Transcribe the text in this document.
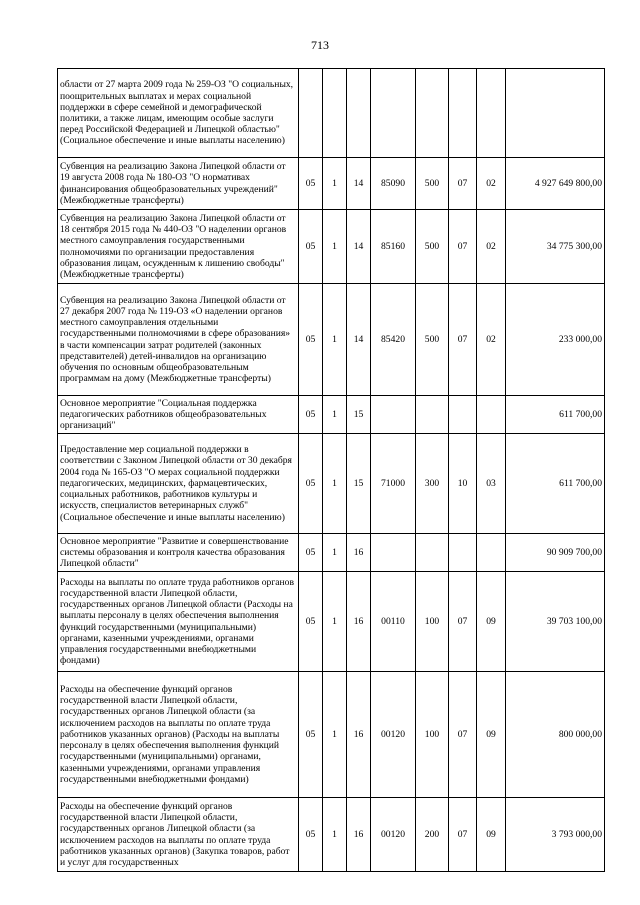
713
области от 27 марта 2009 года № 259-ОЗ "О социальных, поощрительных выплатах и мерах социальной поддержки в сфере семейной и демографической политики, а также лицам, имеющим особые заслуги перед Российской Федерацией и Липецкой областью" (Социальное обеспечение и иные выплаты населению)								
Субвенция на реализацию Закона Липецкой области от 19 августа 2008 года № 180-ОЗ "О нормативах финансирования общеобразовательных учреждений" (Межбюджетные трансферты)	05	1	14	85090	500	07	02	4 927 649 800,00
Субвенция на реализацию Закона Липецкой области от 18 сентября 2015 года № 440-ОЗ "О наделении органов местного самоуправления государственными полномочиями по организации предоставления образования лицам, осужденным к лишению свободы" (Межбюджетные трансферты)	05	1	14	85160	500	07	02	34 775 300,00
Субвенция на реализацию Закона Липецкой области от 27 декабря 2007 года № 119-ОЗ «О наделении органов местного самоуправления отдельными государственными полномочиями в сфере образования» в части компенсации затрат родителей (законных представителей) детей-инвалидов на организацию обучения по основным общеобразовательным программам на дому (Межбюджетные трансферты)	05	1	14	85420	500	07	02	233 000,00
Основное мероприятие "Социальная поддержка педагогических работников общеобразовательных организаций"	05	1	15					611 700,00
Предоставление мер социальной поддержки в соответствии с Законом Липецкой области от 30 декабря 2004 года № 165-ОЗ "О мерах социальной поддержки педагогических, медицинских, фармацевтических, социальных работников, работников культуры и искусств, специалистов ветеринарных служб" (Социальное обеспечение и иные выплаты населению)	05	1	15	71000	300	10	03	611 700,00
Основное мероприятие "Развитие и совершенствование системы образования и контроля качества образования Липецкой области"	05	1	16					90 909 700,00
Расходы на выплаты по оплате труда работников органов государственной власти Липецкой области, государственных органов Липецкой области (Расходы на выплаты персоналу в целях обеспечения выполнения функций государственными (муниципальными) органами, казенными учреждениями, органами управления государственными внебюджетными фондами)	05	1	16	00110	100	07	09	39 703 100,00
Расходы на обеспечение функций органов государственной власти Липецкой области, государственных органов Липецкой области (за исключением расходов на выплаты по оплате труда работников указанных органов) (Расходы на выплаты персоналу в целях обеспечения выполнения функций государственными (муниципальными) органами, казенными учреждениями, органами управления государственными внебюджетными фондами)	05	1	16	00120	100	07	09	800 000,00
Расходы на обеспечение функций органов государственной власти Липецкой области, государственных органов Липецкой области (за исключением расходов на выплаты по оплате труда работников указанных органов) (Закупка товаров, работ и услуг для государственных	05	1	16	00120	200	07	09	3 793 000,00
